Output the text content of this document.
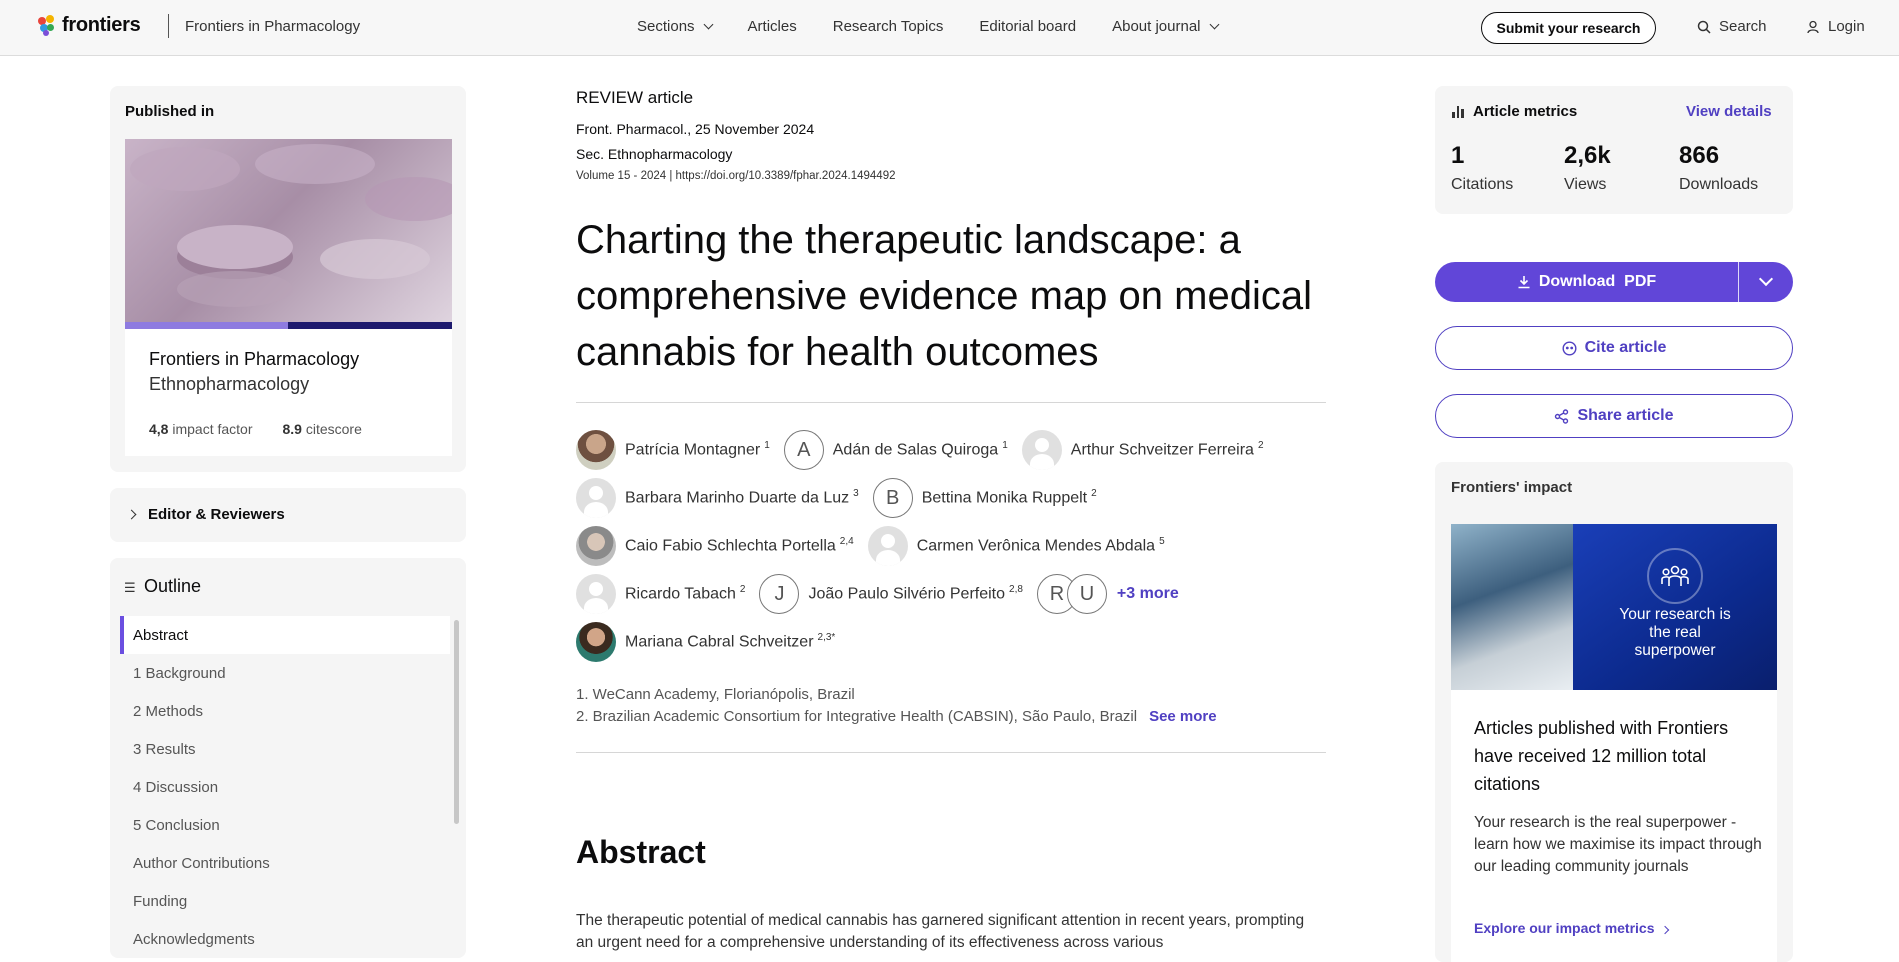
frontiers	Frontiers in Pharmacology	Sections	Articles Research Topics Editorial board About journal	Submit your research	Search	Login
Published in
Frontiers in Pharmacology
Ethnopharmacology
4,8 impact factor 8.9 citescore
Editor & Reviewers
☰ Outline
Abstract
1 Background
2 Methods
3 Results
4 Discussion
5 Conclusion
Author Contributions
Funding
Acknowledgments
REVIEW article
Front. Pharmacol., 25 November 2024
Sec. Ethnopharmacology
Volume 15 - 2024 | https://doi.org/10.3389/fphar.2024.1494492
Charting the therapeutic landscape: a comprehensive evidence map on medical cannabis for health outcomes
Patrícia Montagner $^1$	A	Adán de Salas Quiroga $^1$	Arthur Schveitzer Ferreira $^2$
Barbara Marinho Duarte da Luz $^3$	B	Bettina Monika Ruppelt $^2$
Caio Fabio Schlechta Portella $^{2,4}$	Carmen Verônica Mendes Abdala $^5$
Ricardo Tabach $^2$	J	João Paulo Silvério Perfeito $^{2,8}$	R U	+3 more
Mariana Cabral Schveitzer $^{2,3*}$
1. WeCann Academy, Florianópolis, Brazil
2. Brazilian Academic Consortium for Integrative Health (CABSIN), São Paulo, Brazil See more
Abstract

The therapeutic potential of medical cannabis has garnered significant attention in recent years, prompting an urgent need for a comprehensive understanding of its effectiveness across various

Article metrics	View details
1
Citations
2,6k
Views
866
Downloads
Download  PDF
Cite article
Share article
Frontiers' impact
Your research is the real superpower
Articles published with Frontiers have received 12 million total citations
Your research is the real superpower - learn how we maximise its impact through our leading community journals
Explore our impact metrics
